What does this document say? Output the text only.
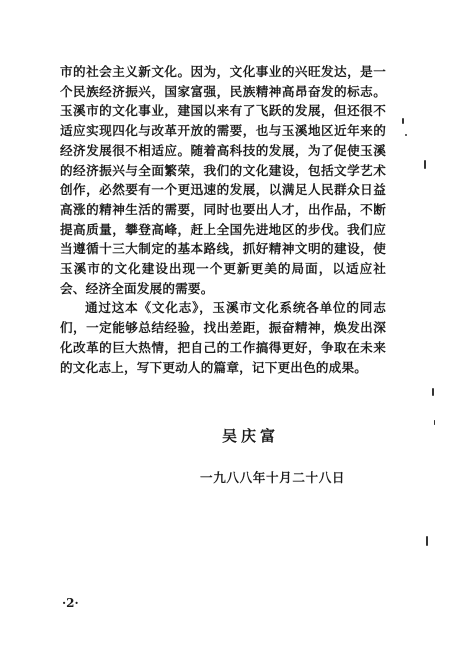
市的社会主义新文化。因为，文化事业的兴旺发达，是一个民族经济振兴，国家富强，民族精神高昂奋发的标志。玉溪市的文化事业，建国以来有了飞跃的发展，但还很不适应实现四化与改革开放的需要，也与玉溪地区近年来的经济发展很不相适应。随着高科技的发展，为了促使玉溪的经济振兴与全面繁荣，我们的文化建设，包括文学艺术创作，必然要有一个更迅速的发展，以满足人民群众日益高涨的精神生活的需要，同时也要出人才，出作品，不断提高质量，攀登高峰，赶上全国先进地区的步伐。我们应当遵循十三大制定的基本路线，抓好精神文明的建设，使玉溪市的文化建设出现一个更新更美的局面，以适应社会、经济全面发展的需要。

通过这本《文化志》，玉溪市文化系统各单位的同志们，一定能够总结经验，找出差距，振奋精神，焕发出深化改革的巨大热情，把自己的工作搞得更好，争取在未来的文化志上，写下更动人的篇章，记下更出色的成果。

吴庆富
一九八八年十月二十八日
·2·
